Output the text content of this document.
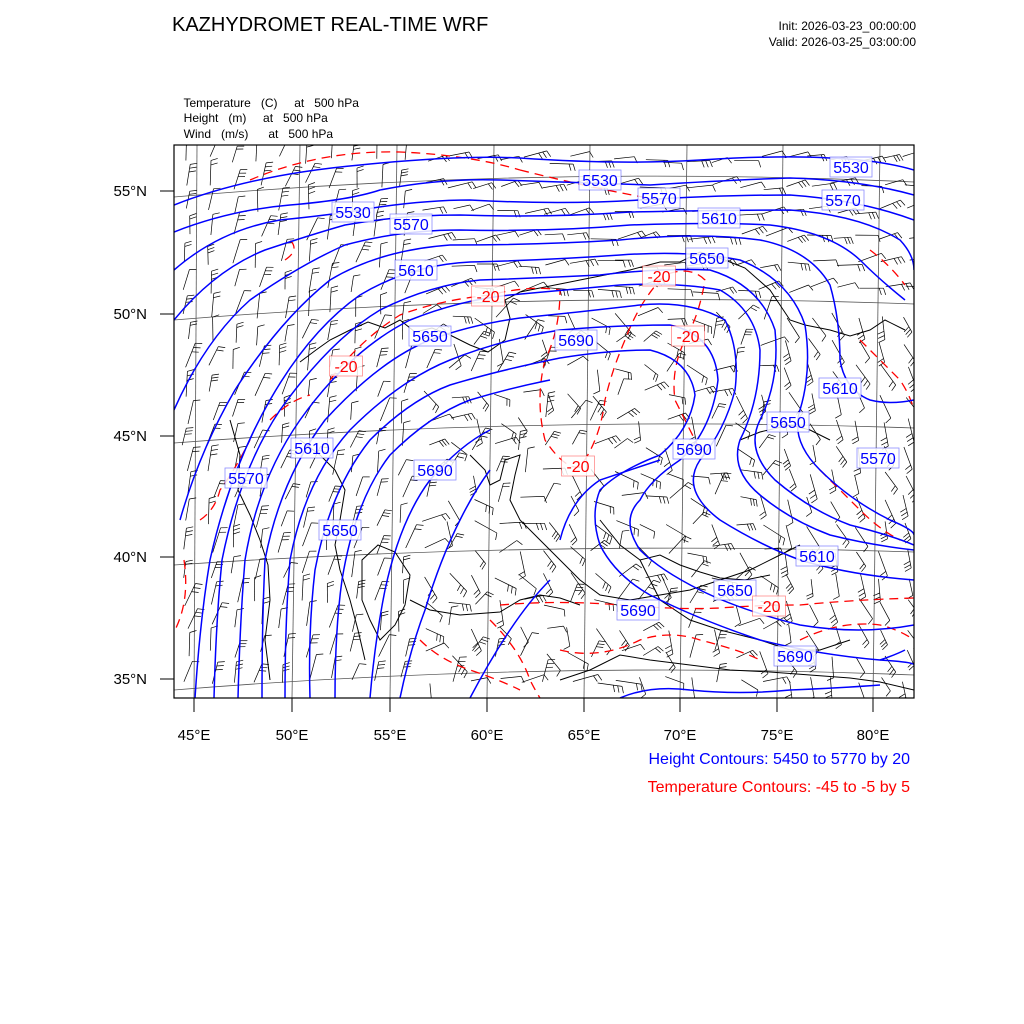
KAZHYDROMET REAL-TIME WRF	Init: 2026-03-23_00:00:00
Valid: 2026-03-25_03:00:00

Temperature (C) at   500 hPa

Height (m) at   500 hPa

Wind (m/s) at   500 hPa

5530
5530
5530
5570
5570
5570	5570
5570
5610
5610
5610
5610
5610
5650
5650
5650
5650
5650
5690
5690
5690
5690
5690
-20
-20
-20
-20
-20
-20
45°E	50°E	55°E	60°E	65°E	70°E	75°E	80°E
55°N
50°N
45°N
40°N
35°N
Height Contours: 5450 to 5770 by 20
Temperature Contours: -45 to -5 by 5
